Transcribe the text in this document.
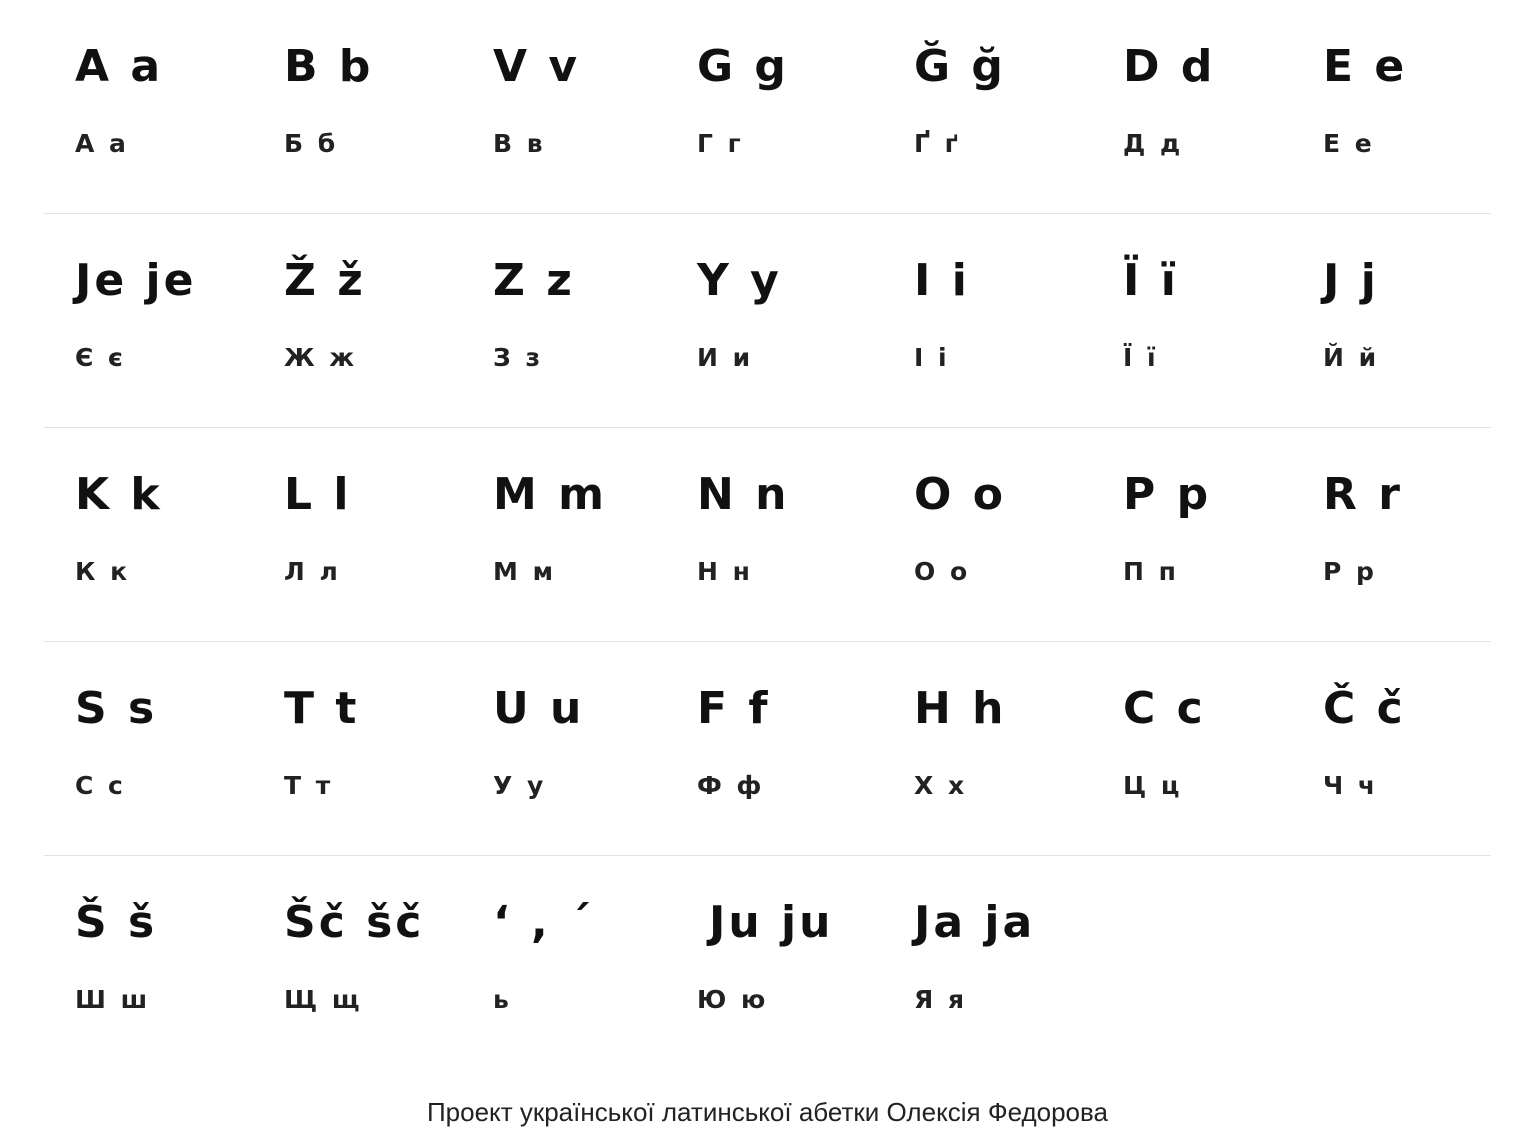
A a
А а
B b
Б б
V v
В в
G g
Г г
Ğ ğ
Ґ ґ
D d
Д д
E e
Е е
Je je
Є є
Ž ž
Ж ж
Z z
З з
Y y
И и
I i
І і
Ï ï
Ї ї
J j
Й й
K k
К к
L l
Л л
M m
М м
N n
Н н
O o
О о
P p
П п
R r
Р р
S s
С с
T t
Т т
U u
У у
F f
Ф ф
H h
Х х
C c
Ц ц
Č č
Ч ч
Š š
Ш ш
Šč šč
Щ щ
‘ , ´
ь
Ju ju
Ю ю
Ja ja
Я я
Проект української латинської абетки Олексія Федорова
